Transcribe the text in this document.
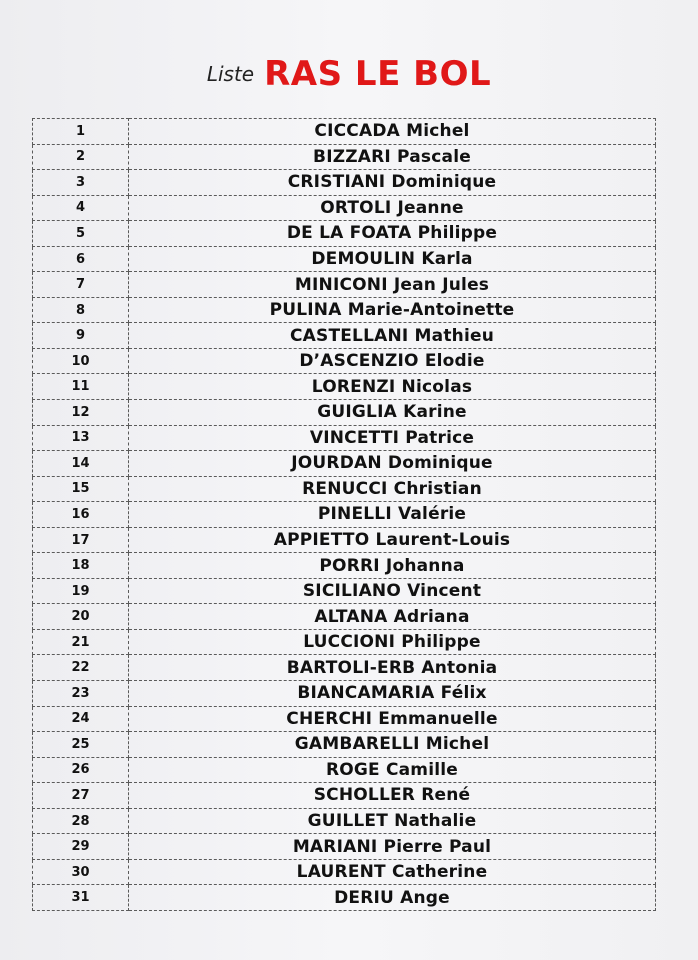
Liste RAS LE BOL
1	CICCADA Michel
2	BIZZARI Pascale
3	CRISTIANI Dominique
4	ORTOLI Jeanne
5	DE LA FOATA Philippe
6	DEMOULIN Karla
7	MINICONI Jean Jules
8	PULINA Marie-Antoinette
9	CASTELLANI Mathieu
10	D’ASCENZIO Elodie
11	LORENZI Nicolas
12	GUIGLIA Karine
13	VINCETTI Patrice
14	JOURDAN Dominique
15	RENUCCI Christian
16	PINELLI Valérie
17	APPIETTO Laurent-Louis
18	PORRI Johanna
19	SICILIANO Vincent
20	ALTANA Adriana
21	LUCCIONI Philippe
22	BARTOLI-ERB Antonia
23	BIANCAMARIA Félix
24	CHERCHI Emmanuelle
25	GAMBARELLI Michel
26	ROGE Camille
27	SCHOLLER René
28	GUILLET Nathalie
29	MARIANI Pierre Paul
30	LAURENT Catherine
31	DERIU Ange
